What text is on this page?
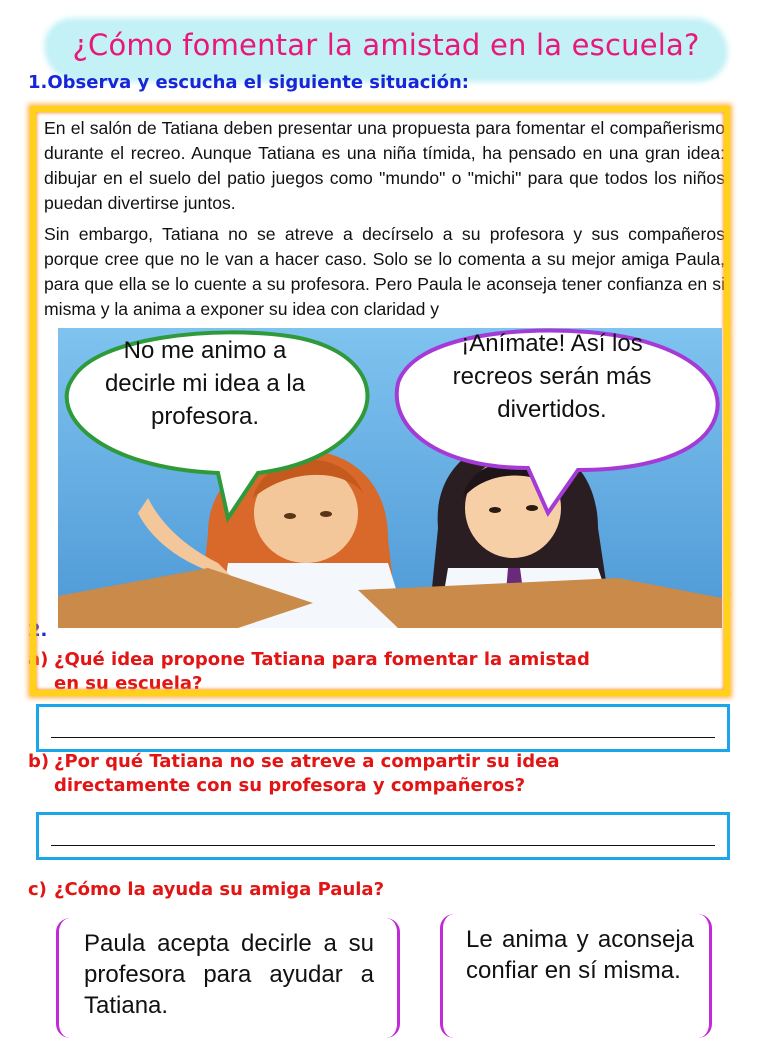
¿Cómo fomentar la amistad en la escuela?
1.Observa y escucha el siguiente situación:

En el salón de Tatiana deben presentar una propuesta para fomentar el compañerismo durante el recreo. Aunque Tatiana es una niña tímida, ha pensado en una gran idea: dibujar en el suelo del patio juegos como "mundo" o "michi" para que todos los niños puedan divertirse juntos.

Sin embargo, Tatiana no se atreve a decírselo a su profesora y sus compañeros porque cree que no le van a hacer caso. Solo se lo comenta a su mejor amiga Paula, para que ella se lo cuente a su profesora. Pero Paula le aconseja tener confianza en si misma y la anima a exponer su idea con claridad y

No me animo a
decirle mi idea a la
profesora.
¡Anímate! Así los
recreos serán más
divertidos.
2.
a) ¿Qué idea propone Tatiana para fomentar la amistad
en su escuela?
b) ¿Por qué Tatiana no se atreve a compartir su idea
directamente con su profesora y compañeros?
c) ¿Cómo la ayuda su amiga Paula?
Paula acepta decirle a su profesora para ayudar a Tatiana.
Le anima y aconseja confiar en sí misma.
